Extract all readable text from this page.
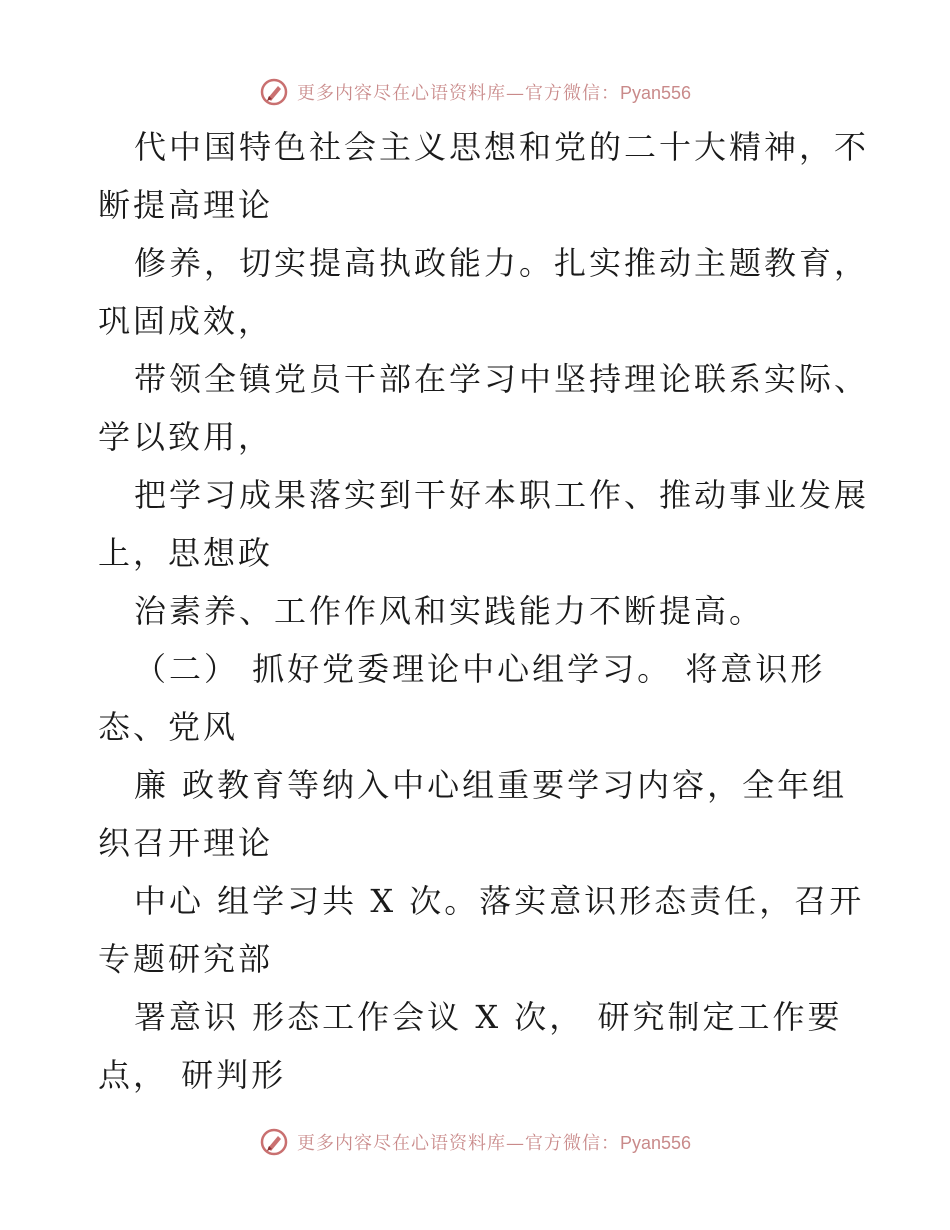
更多内容尽在心语资料库—官方微信：Pyan556

代中国特色社会主义思想和党的二十大精神，不
断提高理论

修养，切实提高执政能力。扎实推动主题教育，
巩固成效，

带领全镇党员干部在学习中坚持理论联系实际、
学以致用，

把学习成果落实到干好本职工作、推动事业发展
上，思想政

治素养、工作作风和实践能力不断提高。

（二） 抓好党委理论中心组学习。 将意识形
态、党风

廉 政教育等纳入中心组重要学习内容，全年组
织召开理论

中心 组学习共 X 次。落实意识形态责任，召开
专题研究部

署意识 形态工作会议 X 次， 研究制定工作要
点， 研判形

更多内容尽在心语资料库—官方微信：Pyan556
